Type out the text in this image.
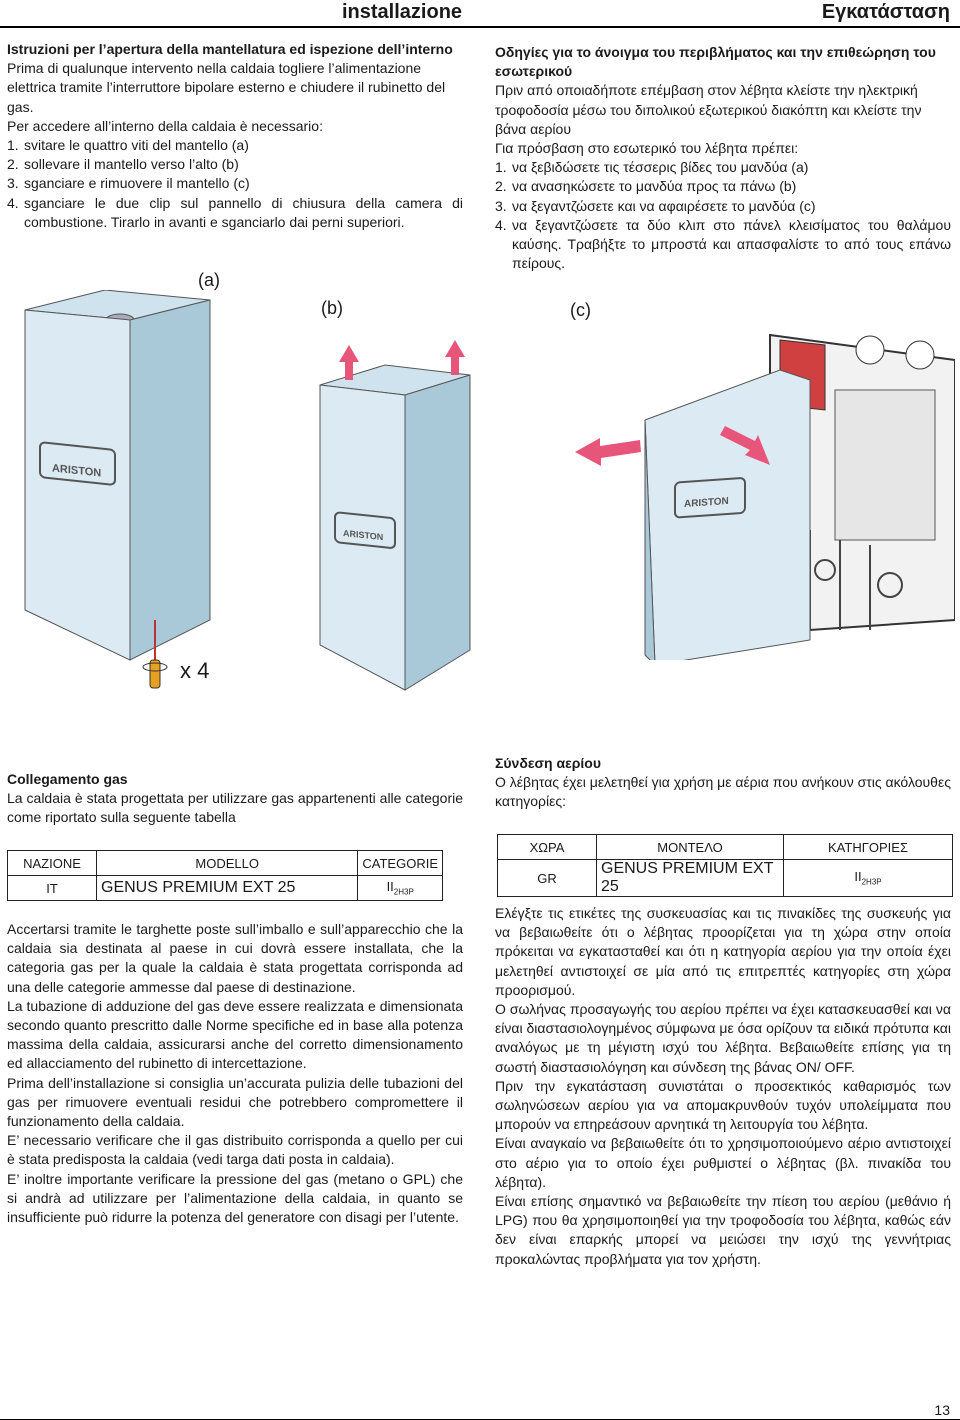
installazione	Εγκατάσταση

Istruzioni per l’apertura della mantellatura ed ispezione dell’interno

Prima di qualunque intervento nella caldaia togliere l’alimentazione elettrica tramite l’interruttore bipolare esterno e chiudere il rubinetto del gas.

Per accedere all’interno della caldaia è necessario:

1. svitare le quattro viti del mantello (a)
2. sollevare il mantello verso l’alto (b)
3. sganciare e rimuovere il mantello (c)
4. sganciare le due clip sul pannello di chiusura della camera di combustione. Tirarlo in avanti e sganciarlo dai perni superiori.

Οδηγίες για το άνοιγμα του περιβλήματος και την επιθεώρηση του εσωτερικού

Πριν από οποιαδήποτε επέμβαση στον λέβητα κλείστε την ηλεκτρική τροφοδοσία μέσω του διπολικού εξωτερικού διακόπτη και κλείστε την βάνα αερίου

Για πρόσβαση στο εσωτερικό του λέβητα πρέπει:

1. να ξεβιδώσετε τις τέσσερις βίδες του μανδύα (a)
2. να ανασηκώσετε το μανδύα προς τα πάνω (b)
3. να ξεγαντζώσετε και να αφαιρέσετε το μανδύα (c)
4. να ξεγαντζώσετε τα δύο κλιπ στο πάνελ κλεισίματος του θαλάμου καύσης. Τραβήξτε το μπροστά και απασφαλίστε το από τους επάνω πείρους.
(a)
(b)	(c)
ARISTON
x 4
ARISTON
ARISTON

Collegamento gas

La caldaia è stata progettata per utilizzare gas appartenenti alle categorie come riportato sulla seguente tabella

NAZIONE	MODELLO	CATEGORIE
IT	GENUS PREMIUM EXT 25	$II_{2H3P}$

Accertarsi tramite le targhette poste sull’imballo e sull’apparecchio che la caldaia sia destinata al paese in cui dovrà essere installata, che la categoria gas per la quale la caldaia è stata progettata corrisponda ad una delle categorie ammesse dal paese di destinazione.

La tubazione di adduzione del gas deve essere realizzata e dimensionata secondo quanto prescritto dalle Norme specifiche ed in base alla potenza massima della caldaia, assicurarsi anche del corretto dimensionamento ed allacciamento del rubinetto di intercettazione.

Prima dell’installazione si consiglia un’accurata pulizia delle tubazioni del gas per rimuovere eventuali residui che potrebbero compromettere il funzionamento della caldaia.

E’ necessario verificare che il gas distribuito corrisponda a quello per cui è stata predisposta la caldaia (vedi targa dati posta in caldaia).

E’ inoltre importante verificare la pressione del gas (metano o GPL) che si andrà ad utilizzare per l’alimentazione della caldaia, in quanto se insufficiente può ridurre la potenza del generatore con disagi per l’utente.

Σύνδεση αερίου

Ο λέβητας έχει μελετηθεί για χρήση με αέρια που ανήκουν στις ακόλουθες κατηγορίες:

ΧΩΡΑ	ΜΟΝΤΕΛΟ	ΚΑΤΗΓΟΡΙΕΣ
GR	GENUS PREMIUM EXT 25	$II_{2H3P}$

Ελέγξτε τις ετικέτες της συσκευασίας και τις πινακίδες της συσκευής για να βεβαιωθείτε ότι ο λέβητας προορίζεται για τη χώρα στην οποία πρόκειται να εγκατασταθεί και ότι η κατηγορία αερίου για την οποία έχει μελετηθεί αντιστοιχεί σε μία από τις επιτρεπτές κατηγορίες στη χώρα προορισμού.

Ο σωλήνας προσαγωγής του αερίου πρέπει να έχει κατασκευασθεί και να είναι διαστασιολογημένος σύμφωνα με όσα ορίζουν τα ειδικά πρότυπα και αναλόγως με τη μέγιστη ισχύ του λέβητα. Βεβαιωθείτε επίσης για τη σωστή διαστασιολόγηση και σύνδεση της βάνας ON/ OFF.

Πριν την εγκατάσταση συνιστάται ο προσεκτικός καθαρισμός των σωληνώσεων αερίου για να απομακρυνθούν τυχόν υπολείμματα που μπορούν να επηρεάσουν αρνητικά τη λειτουργία του λέβητα.

Είναι αναγκαίο να βεβαιωθείτε ότι το χρησιμοποιούμενο αέριο αντιστοιχεί στο αέριο για το οποίο έχει ρυθμιστεί ο λέβητας (βλ. πινακίδα του λέβητα).

Είναι επίσης σημαντικό να βεβαιωθείτε την πίεση του αερίου (μεθάνιο ή LPG) που θα χρησιμοποιηθεί για την τροφοδοσία του λέβητα, καθώς εάν δεν είναι επαρκής μπορεί να μειώσει την ισχύ της γεννήτριας προκαλώντας προβλήματα για τον χρήστη.

13
